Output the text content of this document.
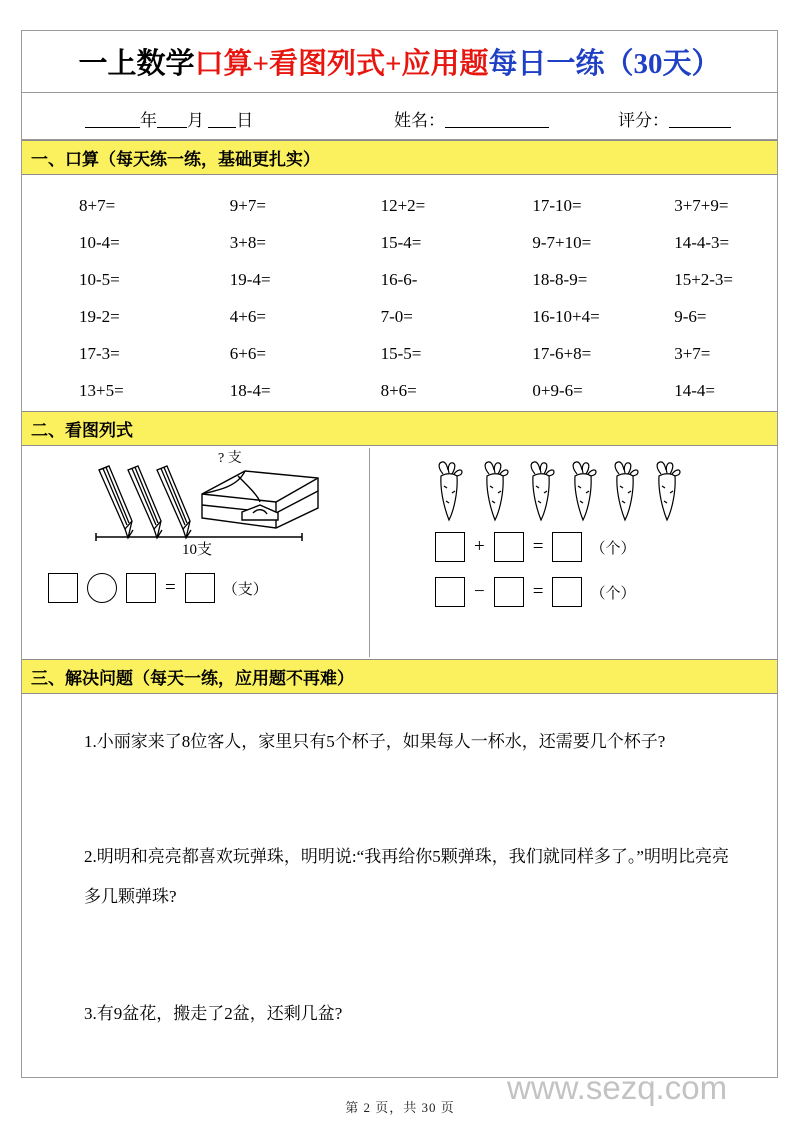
一上数学口算+看图列式+应用题每日一练（30天）
年 月 日	姓名：	评分：
一、口算（每天练一练，基础更扎实）
8+7=	9+7=	12+2=	17-10=	3+7+9=
10-4=	3+8=	15-4=	9-7+10=	14-4-3=
10-5=	19-4=	16-6-	18-8-9=	15+2-3=
19-2=	4+6=	7-0=	16-10+4=	9-6=
17-3=	6+6=	15-5=	17-6+8=	3+7=
13+5=	18-4=	8+6=	0+9-6=	14-4=
二、看图列式
? 支
10支
=	（支）
+	=	（个）
−	=	（个）
三、解决问题（每天一练，应用题不再难）
1.小丽家来了8位客人，家里只有5个杯子，如果每人一杯水，还需要几个杯子?
2.明明和亮亮都喜欢玩弹珠，明明说:“我再给你5颗弹珠，我们就同样多了。”明明比亮亮多几颗弹珠?
3.有9盆花，搬走了2盆，还剩几盆?
www.sezq.com
第 2 页，共 30 页
